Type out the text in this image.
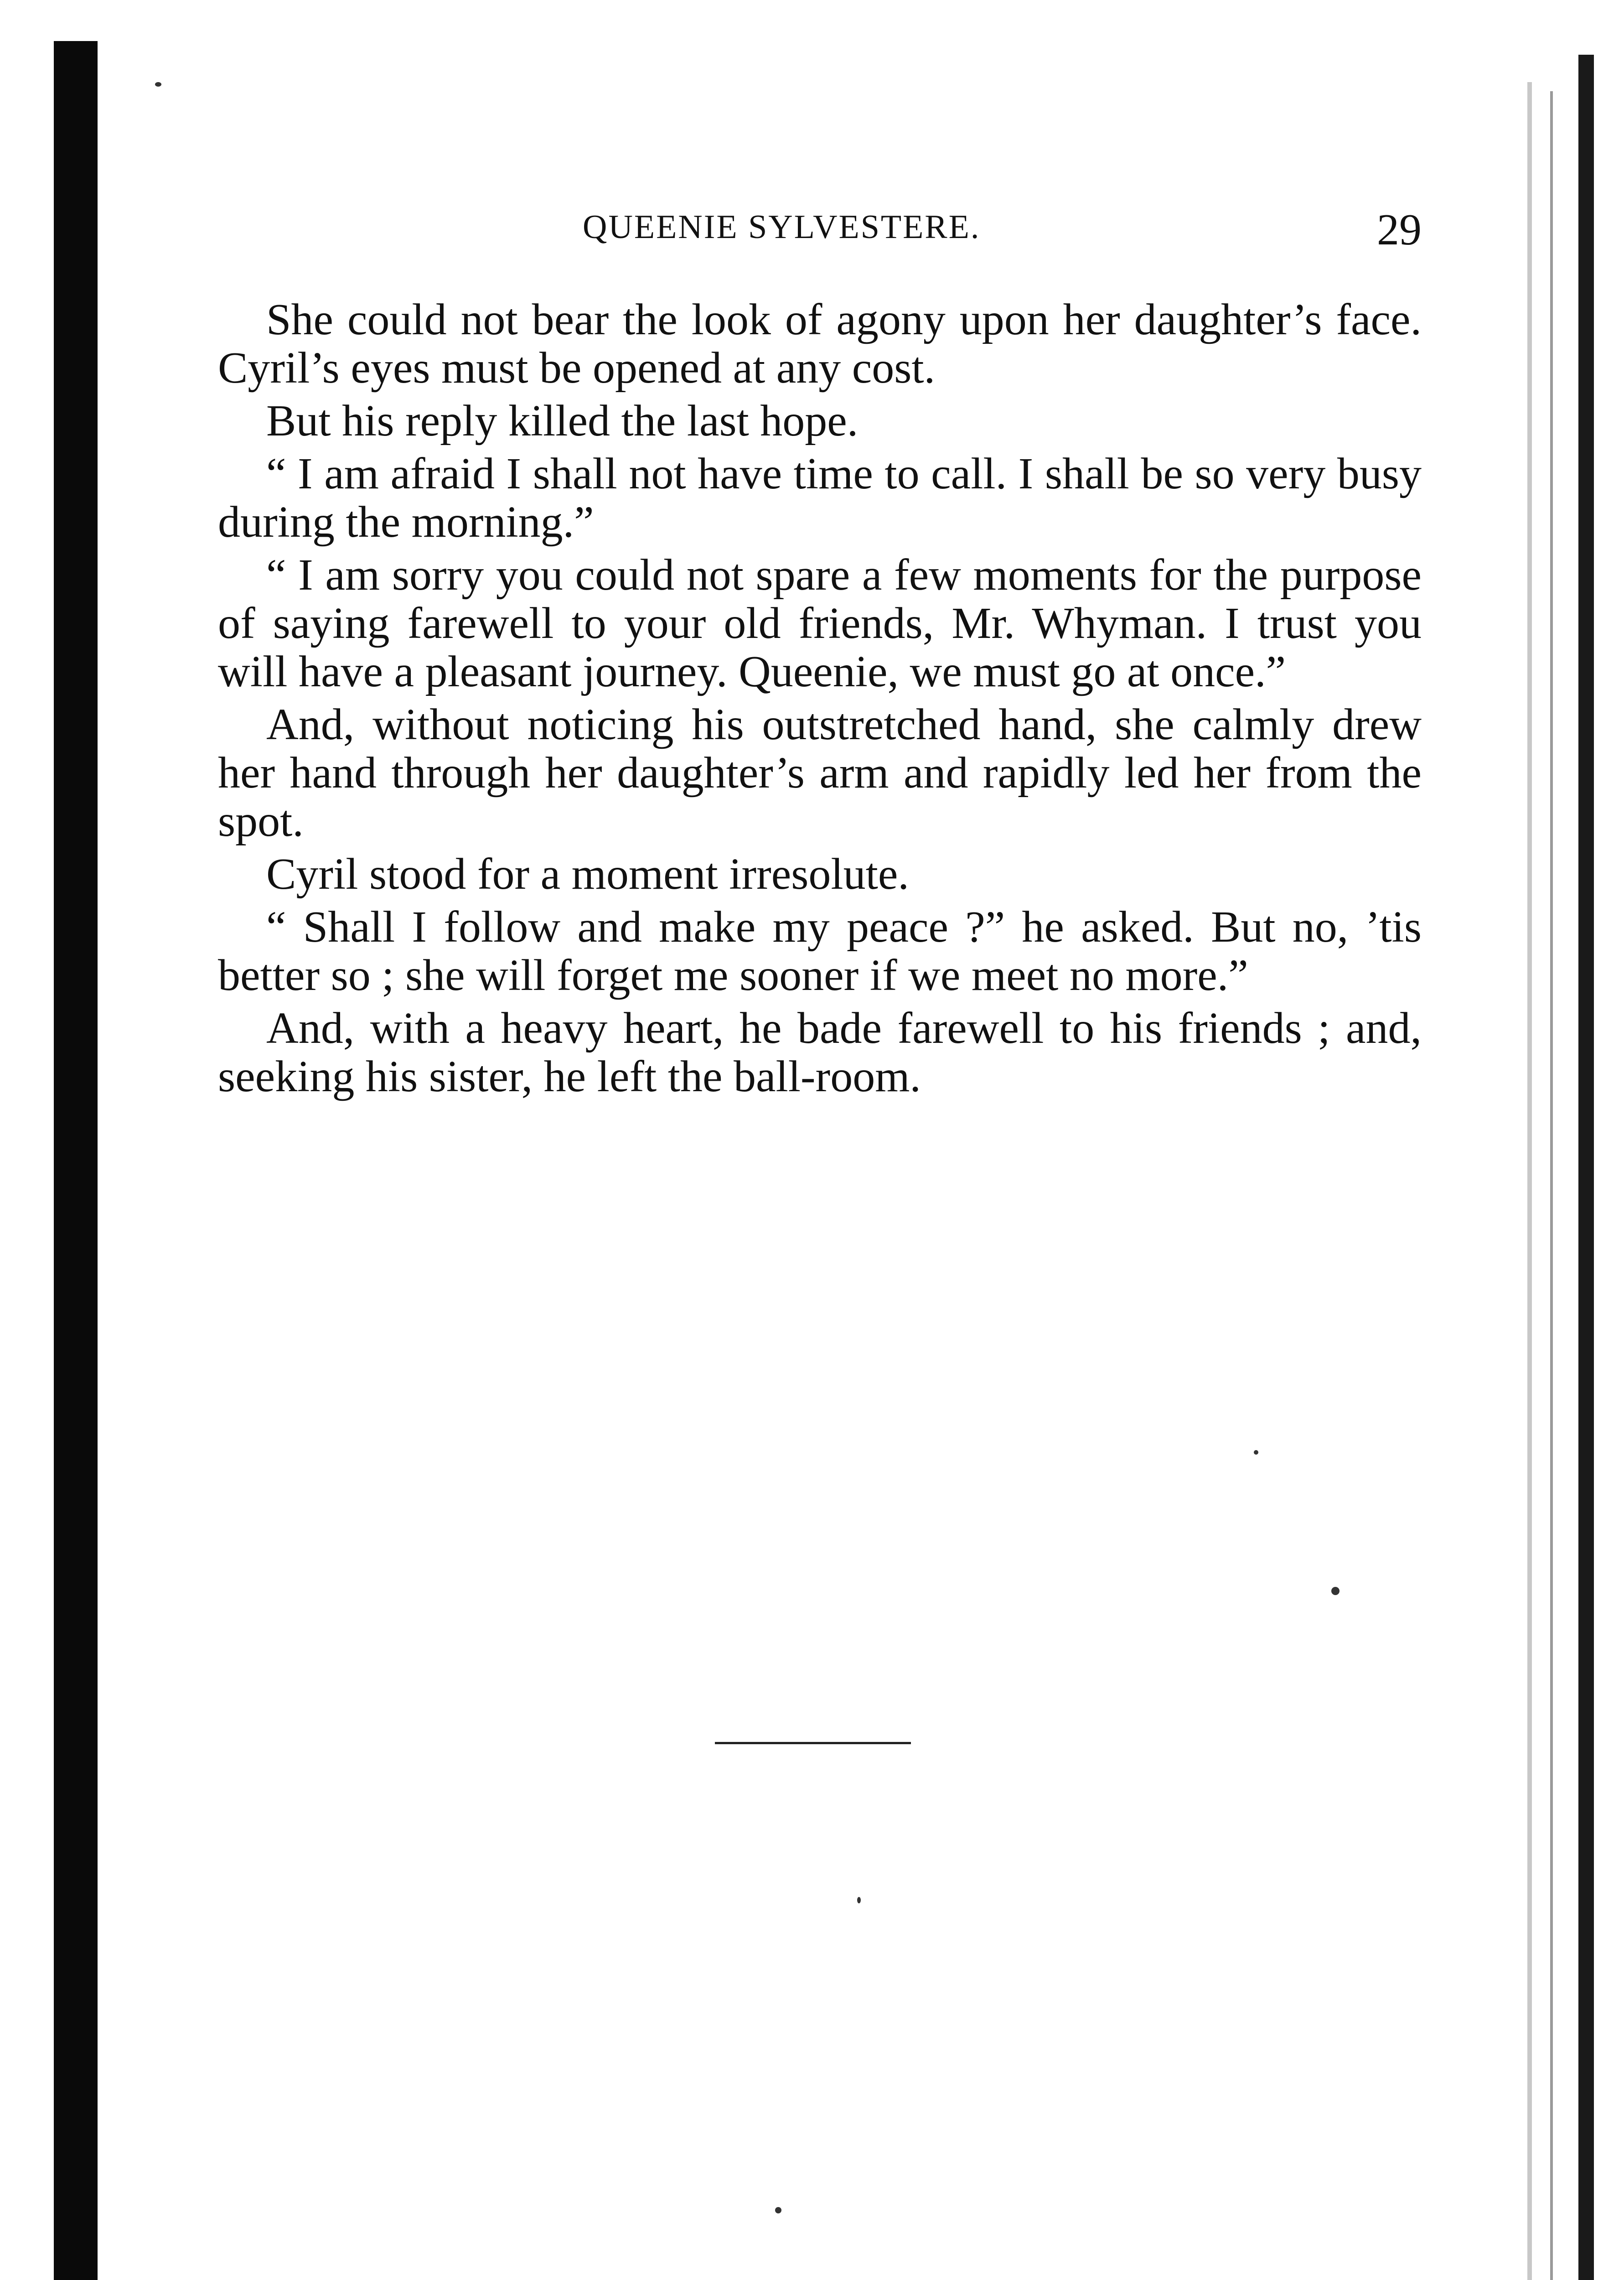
QUEENIE SYLVESTERE.	29

She could not bear the look of agony upon her daughter’s face. Cyril’s eyes must be opened at any cost.

But his reply killed the last hope.

“ I am afraid I shall not have time to call. I shall be so very busy during the morning.”

“ I am sorry you could not spare a few moments for the purpose of saying farewell to your old friends, Mr. Whyman. I trust you will have a pleasant journey. Queenie, we must go at once.”

And, without noticing his outstretched hand, she calmly drew her hand through her daughter’s arm and rapidly led her from the spot.

Cyril stood for a moment irresolute.

“ Shall I follow and make my peace ?” he asked. But no, ’tis better so ; she will forget me sooner if we meet no more.”

And, with a heavy heart, he bade farewell to his friends ; and, seeking his sister, he left the ball-room.
